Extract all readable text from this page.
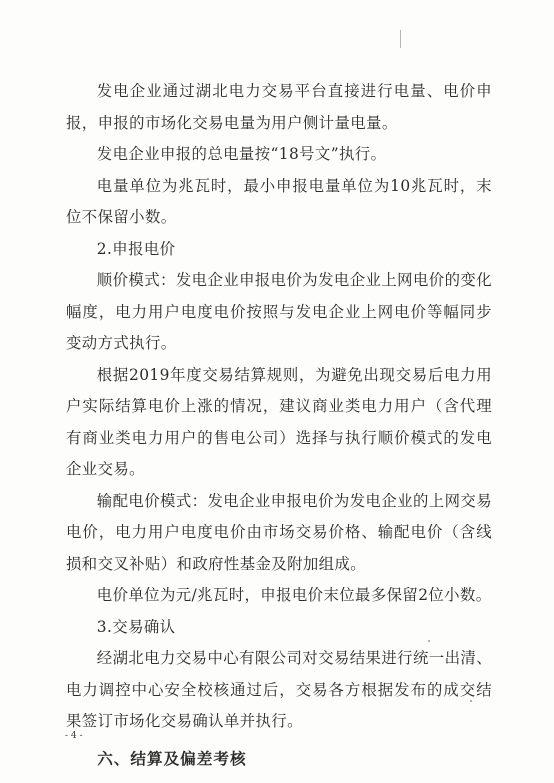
发电企业通过湖北电力交易平台直接进行电量、电价申报，申报的市场化交易电量为用户侧计量电量。

发电企业申报的总电量按“18号文”执行。

电量单位为兆瓦时，最小申报电量单位为10兆瓦时，末位不保留小数。

2.申报电价

顺价模式：发电企业申报电价为发电企业上网电价的变化幅度，电力用户电度电价按照与发电企业上网电价等幅同步变动方式执行。

根据2019年度交易结算规则，为避免出现交易后电力用户实际结算电价上涨的情况，建议商业类电力用户（含代理有商业类电力用户的售电公司）选择与执行顺价模式的发电企业交易。

输配电价模式：发电企业申报电价为发电企业的上网交易电价，电力用户电度电价由市场交易价格、输配电价（含线损和交叉补贴）和政府性基金及附加组成。

电价单位为元/兆瓦时，申报电价末位最多保留2位小数。

3.交易确认

经湖北电力交易中心有限公司对交易结果进行统一出清、电力调控中心安全校核通过后，交易各方根据发布的成交结果签订市场化交易确认单并执行。

六、结算及偏差考核

- 4 -
